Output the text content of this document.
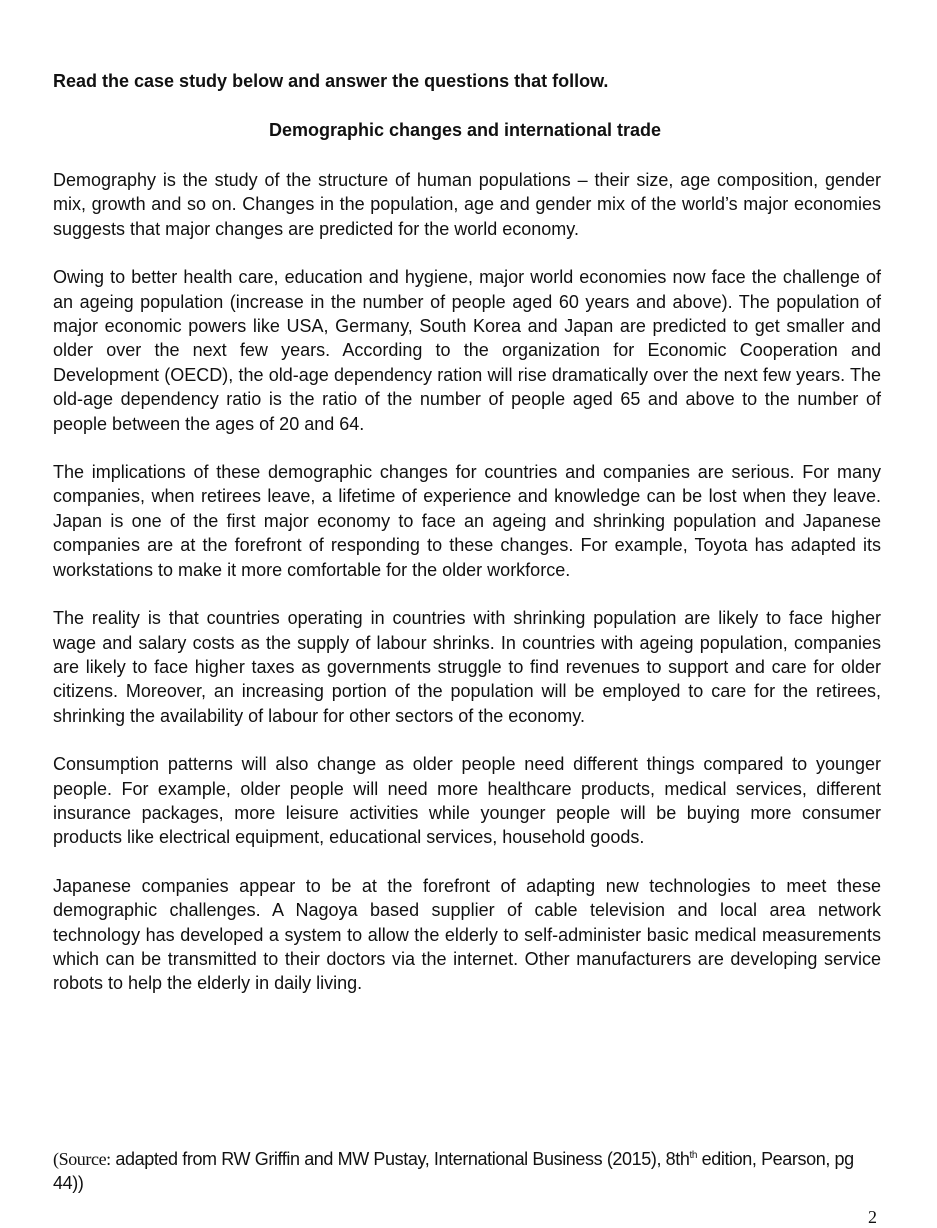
Read the case study below and answer the questions that follow.
Demographic changes and international trade

Demography is the study of the structure of human populations – their size, age composition, gender mix, growth and so on. Changes in the population, age and gender mix of the world’s major economies suggests that major changes are predicted for the world economy.

Owing to better health care, education and hygiene, major world economies now face the challenge of an ageing population (increase in the number of people aged 60 years and above). The population of major economic powers like USA, Germany, South Korea and Japan are predicted to get smaller and older over the next few years. According to the organization for Economic Cooperation and Development (OECD), the old-age dependency ration will rise dramatically over the next few years. The old-age dependency ratio is the ratio of the number of people aged 65 and above to the number of people between the ages of 20 and 64.

The implications of these demographic changes for countries and companies are serious. For many companies, when retirees leave, a lifetime of experience and knowledge can be lost when they leave. Japan is one of the first major economy to face an ageing and shrinking population and Japanese companies are at the forefront of responding to these changes. For example, Toyota has adapted its workstations to make it more comfortable for the older workforce.

The reality is that countries operating in countries with shrinking population are likely to face higher wage and salary costs as the supply of labour shrinks. In countries with ageing population, companies are likely to face higher taxes as governments struggle to find revenues to support and care for older citizens. Moreover, an increasing portion of the population will be employed to care for the retirees, shrinking the availability of labour for other sectors of the economy.

Consumption patterns will also change as older people need different things compared to younger people. For example, older people will need more healthcare products, medical services, different insurance packages, more leisure activities while younger people will be buying more consumer products like electrical equipment, educational services, household goods.

Japanese companies appear to be at the forefront of adapting new technologies to meet these demographic challenges. A Nagoya based supplier of cable television and local area network technology has developed a system to allow the elderly to self-administer basic medical measurements which can be transmitted to their doctors via the internet. Other manufacturers are developing service robots to help the elderly in daily living.

(Source: adapted from RW Griffin and MW Pustay, International Business (2015), $8th^{th}$ edition, Pearson, pg 44))
2
